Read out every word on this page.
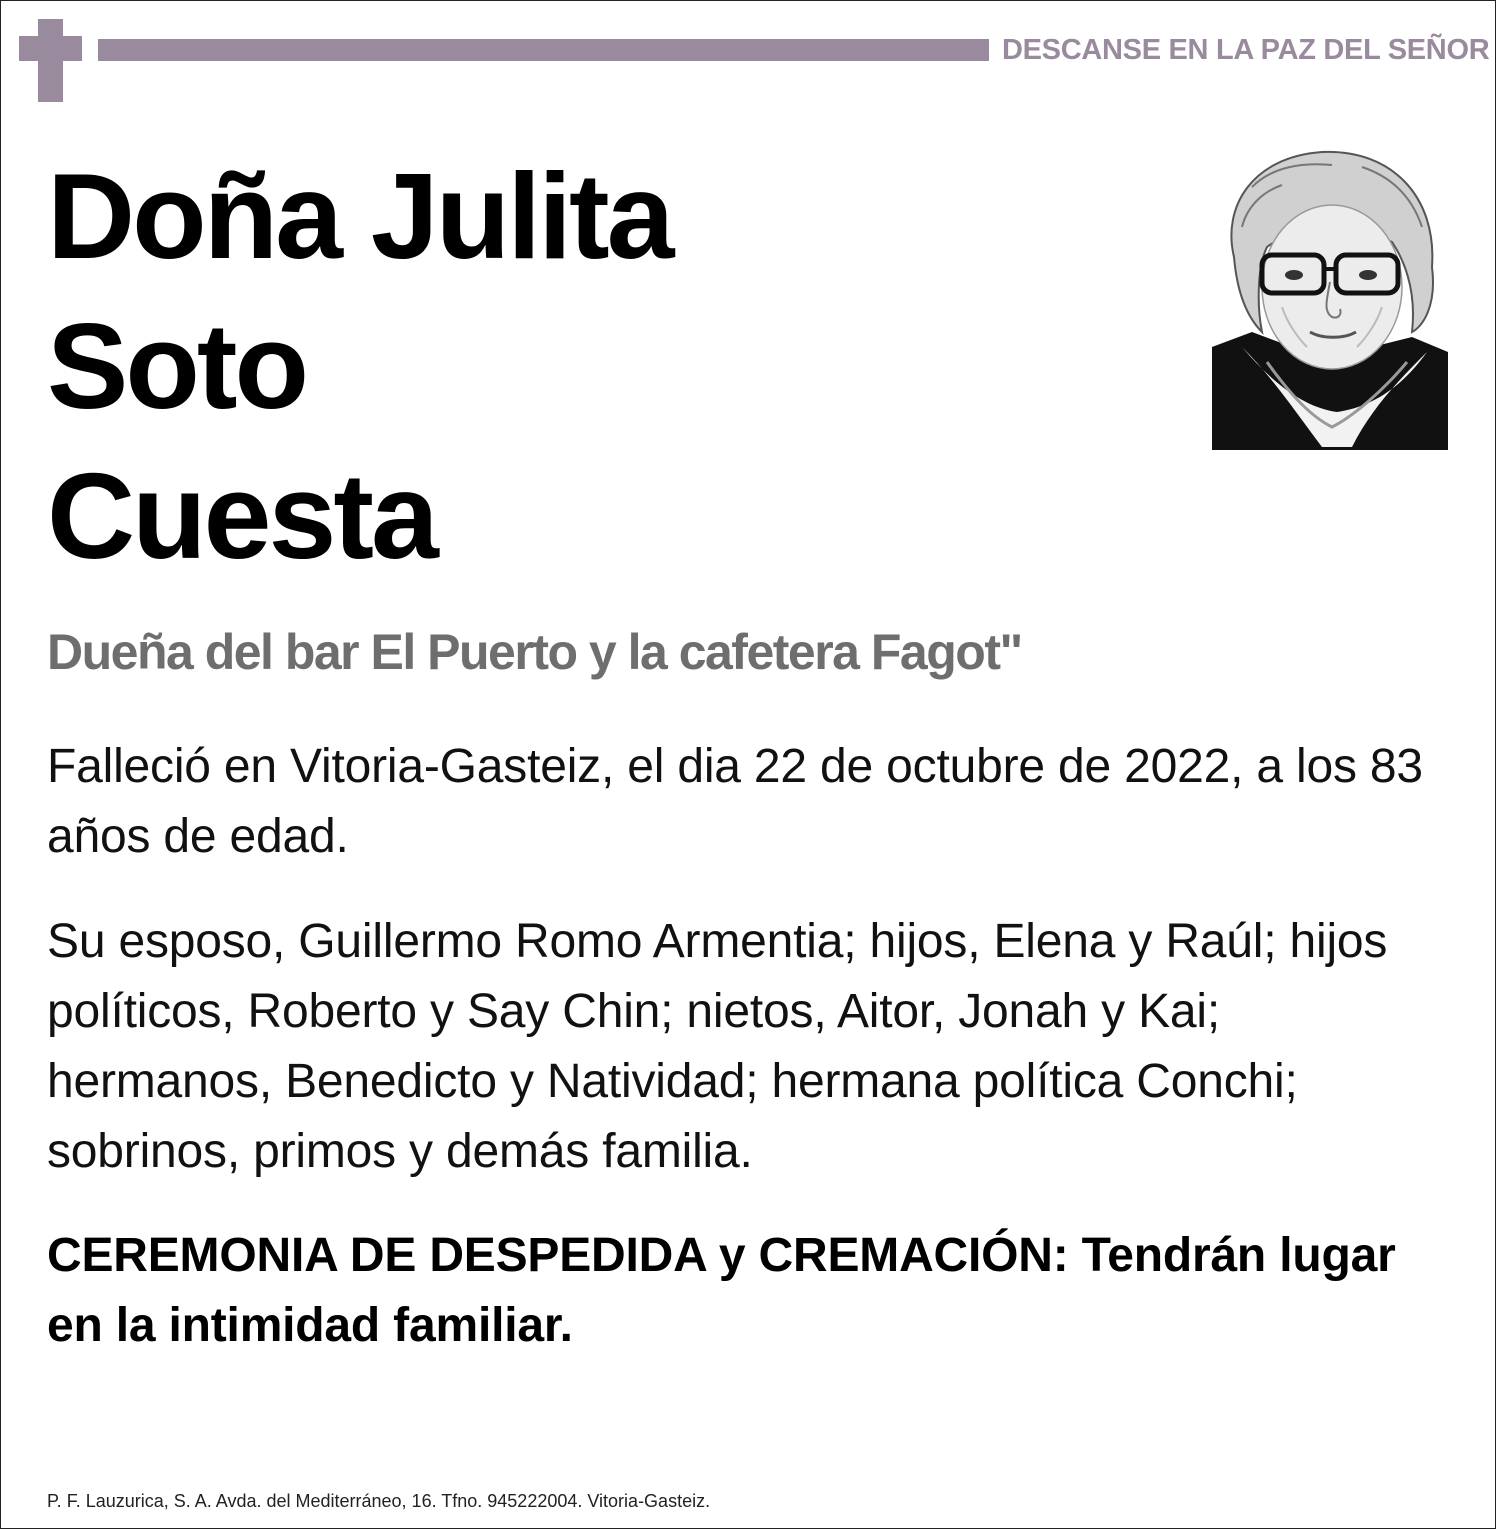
DESCANSE EN LA PAZ DEL SEÑOR
Doña Julita
Soto
Cuesta
Dueña del bar El Puerto y la cafetera Fagot"
Falleció en Vitoria-Gasteiz, el dia 22 de octubre de 2022, a los 83 años de edad.
Su esposo, Guillermo Romo Armentia; hijos, Elena y Raúl; hijos políticos, Roberto y Say Chin; nietos, Aitor, Jonah y Kai; hermanos, Benedicto y Natividad; hermana política Conchi; sobrinos, primos y demás familia.
CEREMONIA DE DESPEDIDA y CREMACIÓN: Tendrán lugar en la intimidad familiar.
P. F. Lauzurica, S. A. Avda. del Mediterráneo, 16. Tfno. 945222004. Vitoria-Gasteiz.
